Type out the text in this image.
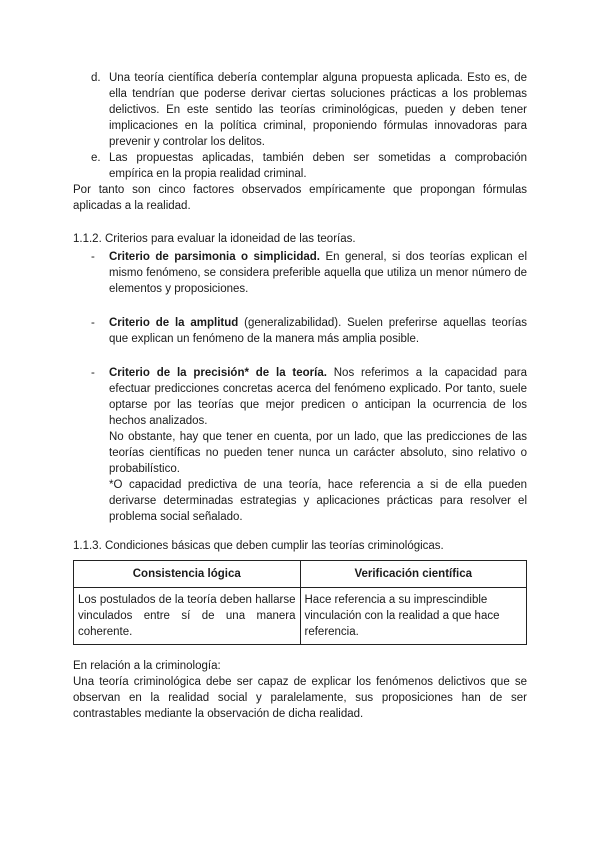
d. Una teoría científica debería contemplar alguna propuesta aplicada. Esto es, de ella tendrían que poderse derivar ciertas soluciones prácticas a los problemas delictivos. En este sentido las teorías criminológicas, pueden y deben tener implicaciones en la política criminal, proponiendo fórmulas innovadoras para prevenir y controlar los delitos.
e. Las propuestas aplicadas, también deben ser sometidas a comprobación empírica en la propia realidad criminal.

Por tanto son cinco factores observados empíricamente que propongan fórmulas aplicadas a la realidad.

1.1.2. Criterios para evaluar la idoneidad de las teorías.

-	Criterio de parsimonia o simplicidad. En general, si dos teorías explican el mismo fenómeno, se considera preferible aquella que utiliza un menor número de elementos y proposiciones.
-	Criterio de la amplitud (generalizabilidad). Suelen preferirse aquellas teorías que explican un fenómeno de la manera más amplia posible.
-	Criterio de la precisión* de la teoría. Nos referimos a la capacidad para efectuar predicciones concretas acerca del fenómeno explicado. Por tanto, suele optarse por las teorías que mejor predicen o anticipan la ocurrencia de los hechos analizados.
No obstante, hay que tener en cuenta, por un lado, que las predicciones de las teorías científicas no pueden tener nunca un carácter absoluto, sino relativo o probabilístico.
*O capacidad predictiva de una teoría, hace referencia a si de ella pueden derivarse determinadas estrategias y aplicaciones prácticas para resolver el problema social señalado.

1.1.3. Condiciones básicas que deben cumplir las teorías criminológicas.

Consistencia lógica	Verificación científica
Los postulados de la teoría deben hallarse vinculados entre sí de una manera coherente.	Hace referencia a su imprescindible vinculación con la realidad a que hace referencia.

En relación a la criminología:

Una teoría criminológica debe ser capaz de explicar los fenómenos delictivos que se observan en la realidad social y paralelamente, sus proposiciones han de ser contrastables mediante la observación de dicha realidad.
